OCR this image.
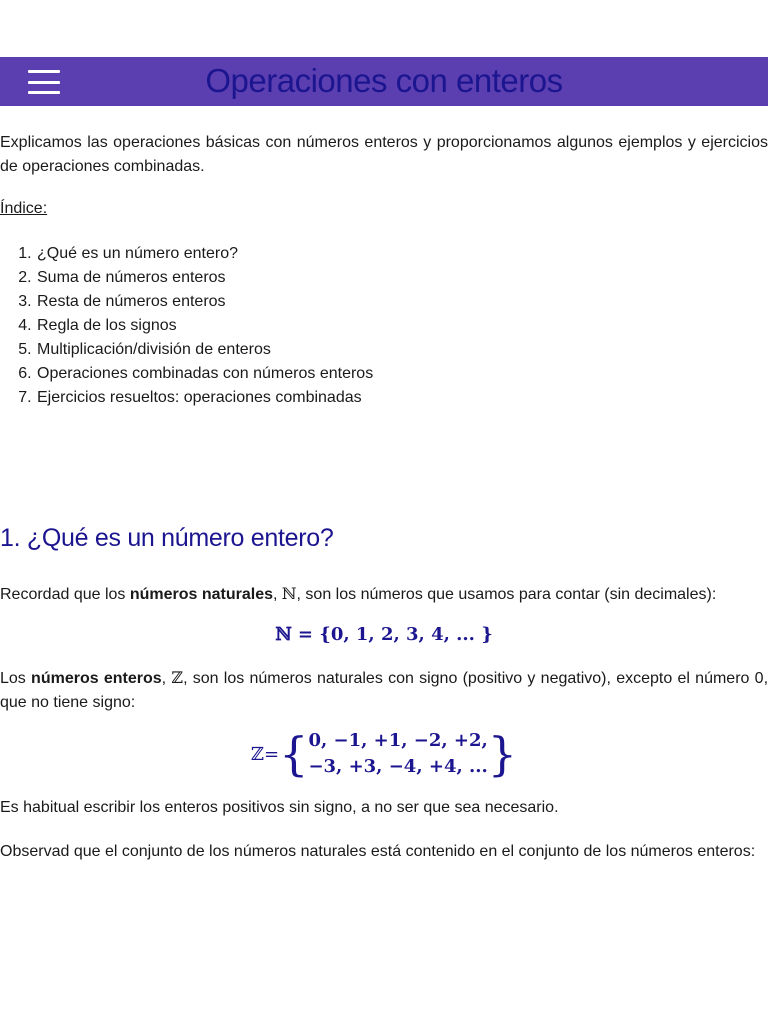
Operaciones con enteros
Explicamos las operaciones básicas con números enteros y proporcionamos algunos ejemplos y ejercicios de operaciones combinadas.
Índice:
1. ¿Qué es un número entero?
2. Suma de números enteros
3. Resta de números enteros
4. Regla de los signos
5. Multiplicación/división de enteros
6. Operaciones combinadas con números enteros
7. Ejercicios resueltos: operaciones combinadas
1. ¿Qué es un número entero?
Recordad que los números naturales, ℕ, son los números que usamos para contar (sin decimales):
ℕ = {0, 1, 2, 3, 4, ... }
Los números enteros, ℤ, son los números naturales con signo (positivo y negativo), excepto el número 0, que no tiene signo:
ℤ= { 0, −1, +1, −2, +2,
−3, +3, −4, +4, ... }
Es habitual escribir los enteros positivos sin signo, a no ser que sea necesario.
Observad que el conjunto de los números naturales está contenido en el conjunto de los números enteros:
